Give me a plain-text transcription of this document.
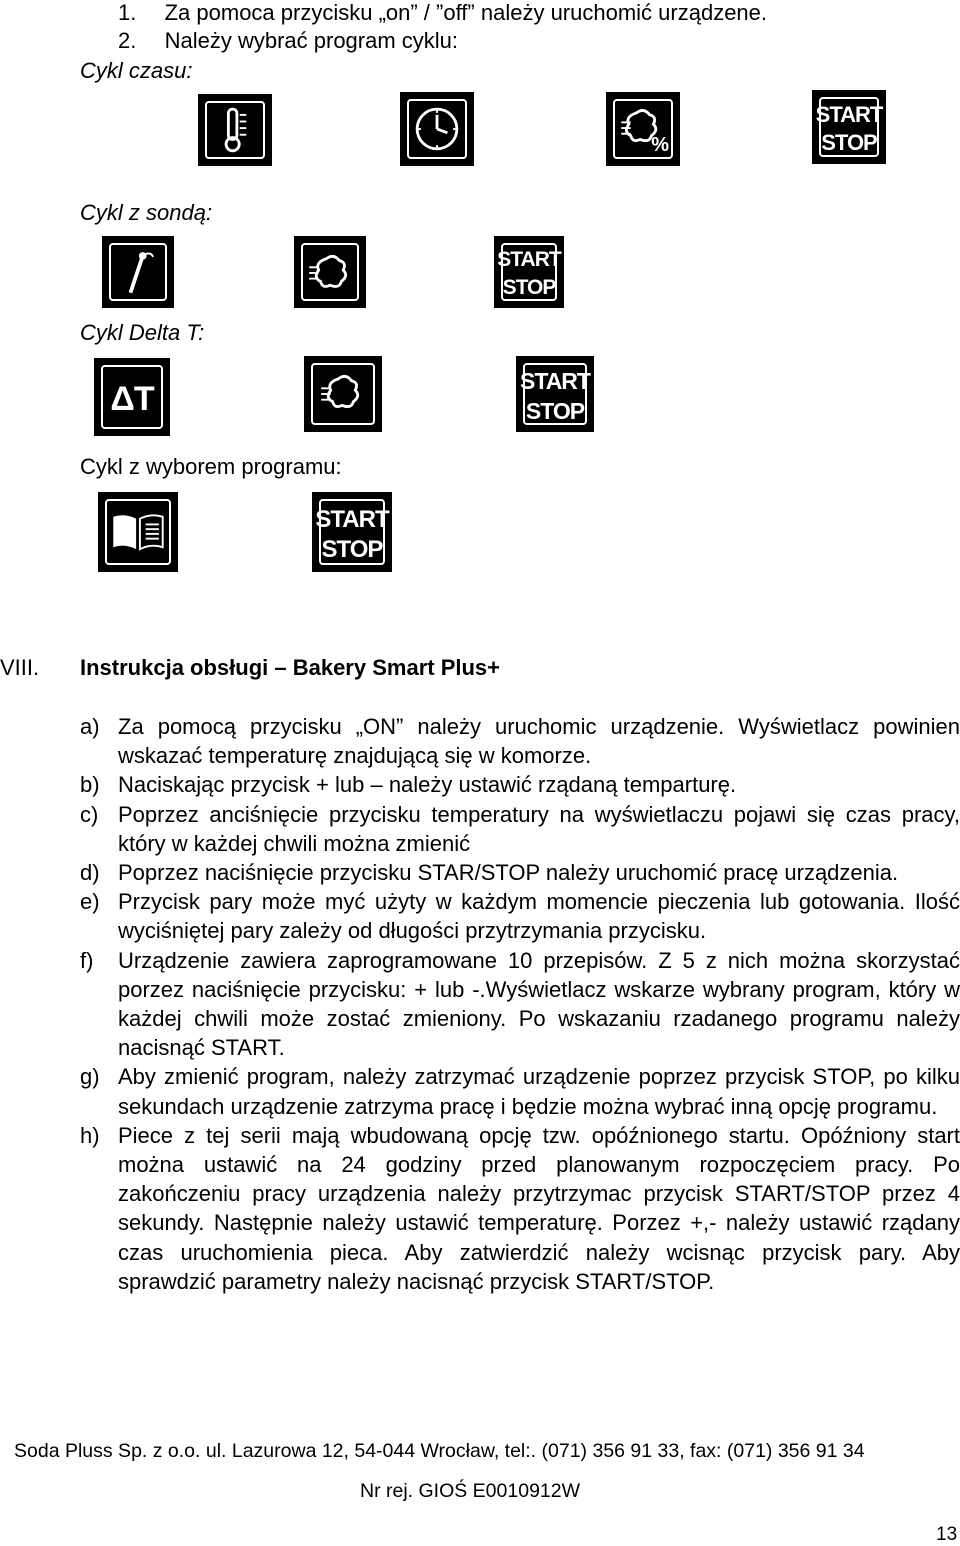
1. Za pomoca przycisku „on” / ”off” należy uruchomić urządzene.
2. Należy wybrać program cyklu:
Cykl czasu:
%
START
STOP
Cykl z sondą:
START
STOP
Cykl Delta T:
ΔT	START
STOP
Cykl z wyborem programu:
START
STOP
VIII. Instrukcja obsługi – Bakery Smart Plus+
a) Za pomocą przycisku „ON” należy uruchomic urządzenie. Wyświetlacz powinien wskazać temperaturę znajdującą się w komorze.
b) Naciskając przycisk + lub – należy ustawić rządaną temparturę.
c) Poprzez anciśnięcie przycisku temperatury na wyświetlaczu pojawi się czas pracy, który w każdej chwili można zmienić
d) Poprzez naciśnięcie przycisku STAR/STOP należy uruchomić pracę urządzenia.
e) Przycisk pary może myć użyty w każdym momencie pieczenia lub gotowania. Ilość wyciśniętej pary zależy od długości przytrzymania przycisku.
f)	Urządzenie zawiera zaprogramowane 10 przepisów. Z 5 z nich można skorzystać porzez naciśnięcie przycisku: + lub -.Wyświetlacz wskarze wybrany program, który w każdej chwili może zostać zmieniony. Po wskazaniu rzadanego programu należy nacisnąć START.
g) Aby zmienić program, należy zatrzymać urządzenie poprzez przycisk STOP, po kilku sekundach urządzenie zatrzyma pracę i będzie można wybrać inną opcję programu.
h) Piece z tej serii mają wbudowaną opcję tzw. opóźnionego startu. Opóźniony start można ustawić na 24 godziny przed planowanym rozpoczęciem pracy. Po zakończeniu pracy urządzenia należy przytrzymac przycisk START/STOP przez 4 sekundy. Następnie należy ustawić temperaturę. Porzez +,- należy ustawić rządany czas uruchomienia pieca. Aby zatwierdzić należy wcisnąc przycisk pary. Aby sprawdzić parametry należy nacisnąć przycisk START/STOP.
Soda Pluss Sp. z o.o. ul. Lazurowa 12, 54-044 Wrocław, tel:. (071) 356 91 33, fax: (071) 356 91 34
Nr rej. GIOŚ E0010912W
13
